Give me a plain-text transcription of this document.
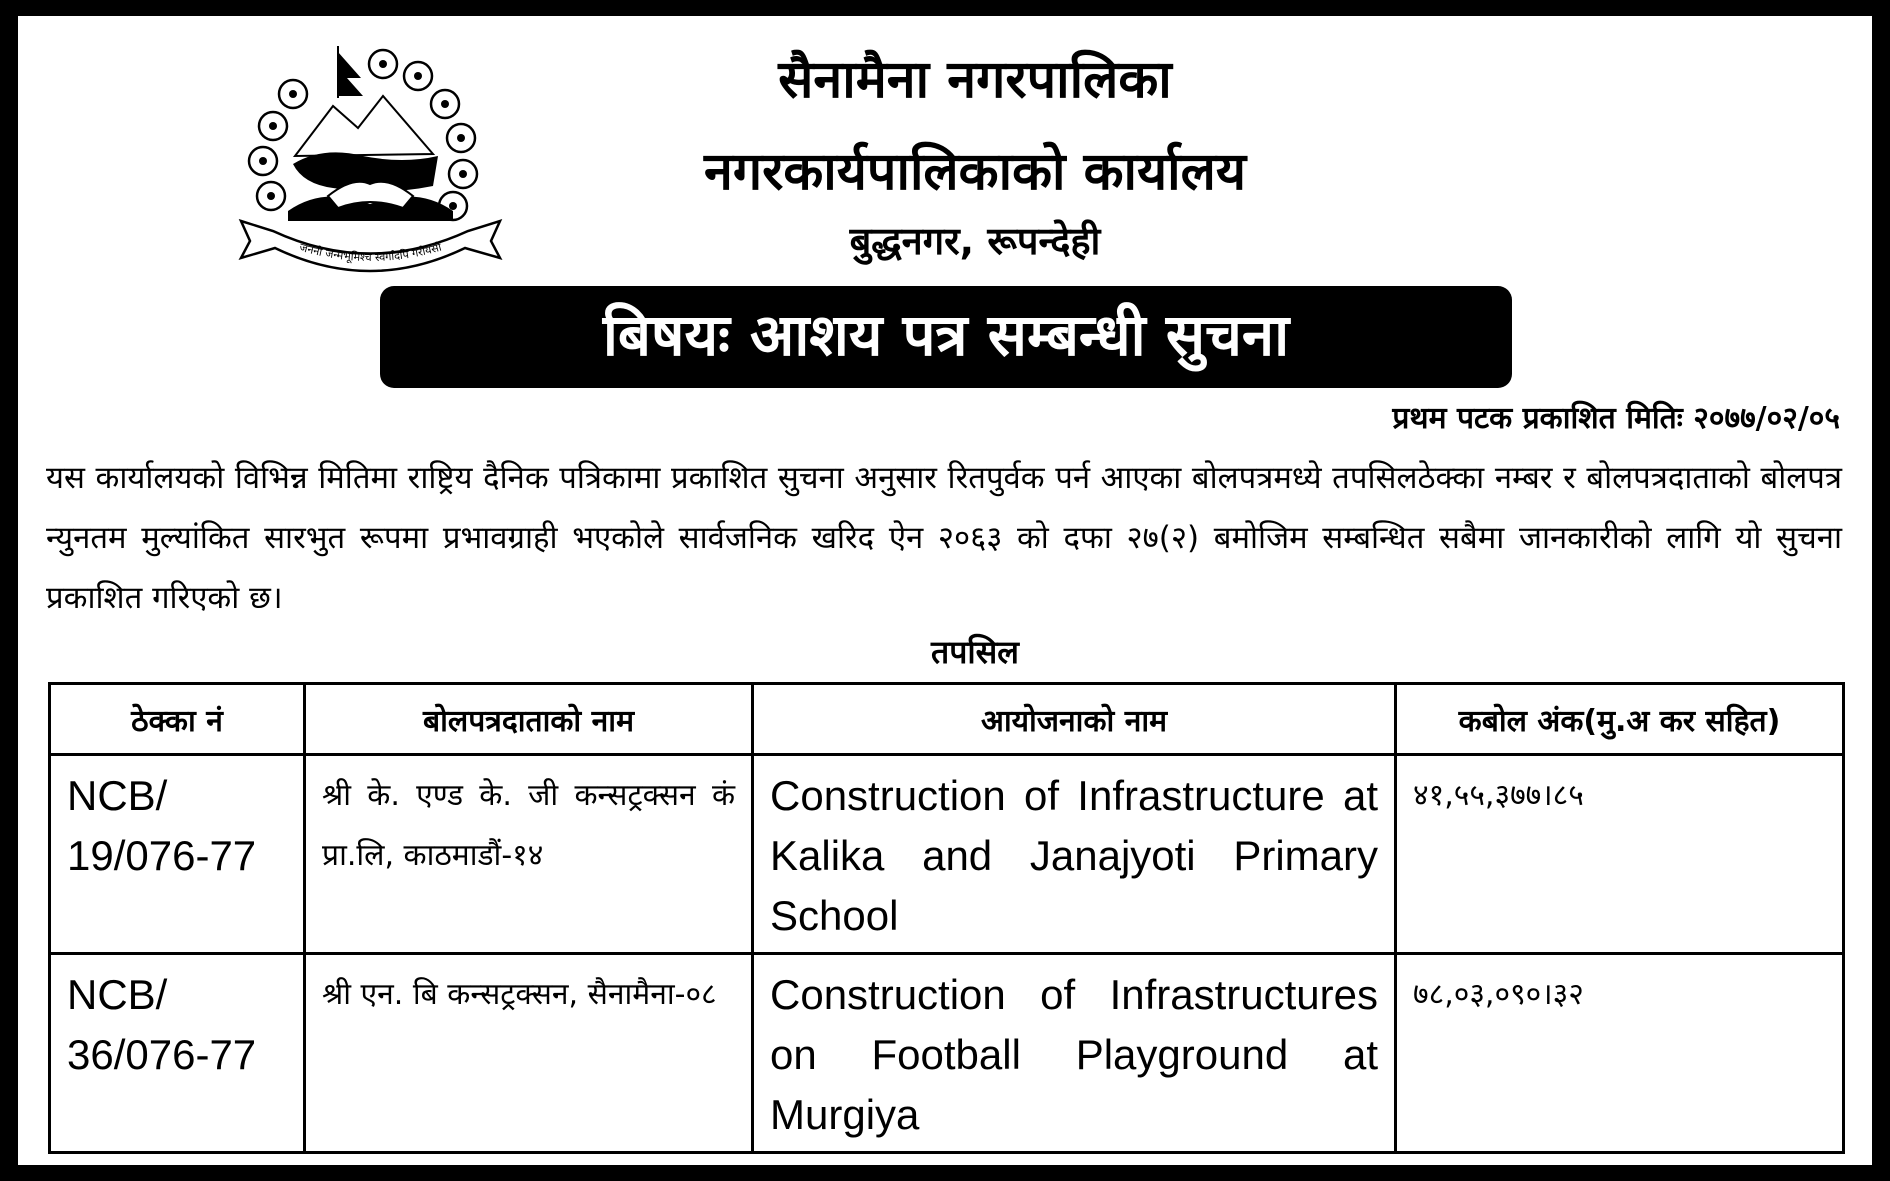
जननी जन्मभूमिश्च स्वर्गादपि गरीयसी
सैनामैना नगरपालिका
नगरकार्यपालिकाको कार्यालय
बुद्धनगर, रूपन्देही
बिषयः आशय पत्र सम्बन्धी सुचना
प्रथम पटक प्रकाशित मितिः २०७७/०२/०५
यस कार्यालयको विभिन्न मितिमा राष्ट्रिय दैनिक पत्रिकामा प्रकाशित सुचना अनुसार रितपुर्वक पर्न आएका बोलपत्रमध्ये तपसिलठेक्का नम्बर र बोलपत्रदाताको बोलपत्र न्युनतम मुल्यांकित सारभुत रूपमा प्रभावग्राही भएकोले सार्वजनिक खरिद ऐन २०६३ को दफा २७(२) बमोजिम सम्बन्धित सबैमा जानकारीको लागि यो सुचना प्रकाशित गरिएको छ।
तपसिल
ठेक्का नं	बोलपत्रदाताको नाम	आयोजनाको नाम	कबोल अंक(मु.अ कर सहित)
NCB/ 19/076-77	श्री के. एण्ड के. जी कन्सट्रक्सन कं प्रा.लि, काठमाडौं-१४	Construction of Infrastructure at Kalika and Janajyoti Primary School	४१,५५,३७७।८५
NCB/ 36/076-77	श्री एन. बि कन्सट्रक्सन, सैनामैना-०८	Construction of Infrastructures on Football Playground at Murgiya	७८,०३,०९०।३२
